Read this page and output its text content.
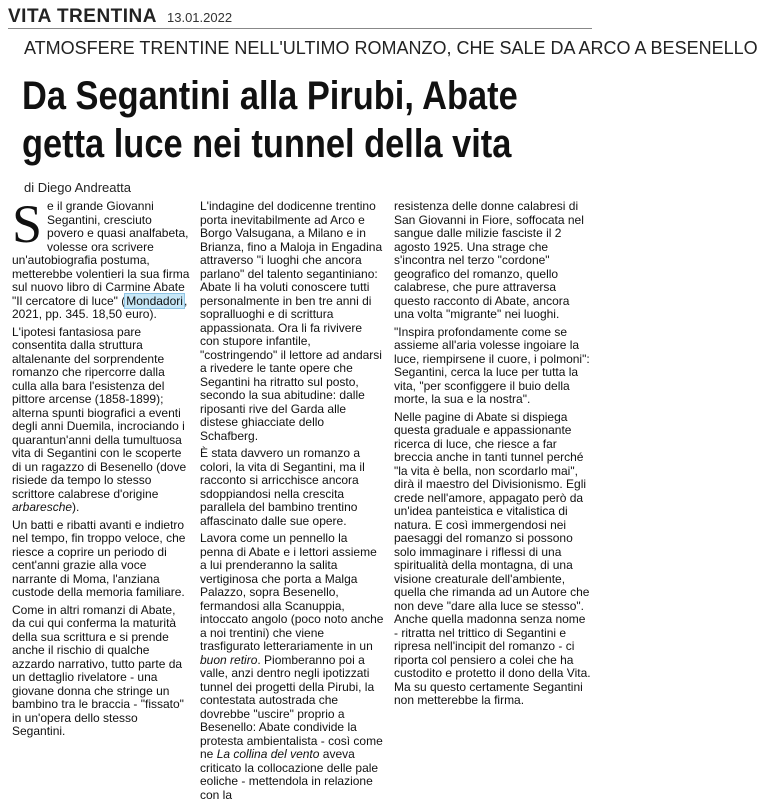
VITA TRENTINA 13.01.2022
ATMOSFERE TRENTINE NELL'ULTIMO ROMANZO, CHE SALE DA ARCO A BESENELLO
Da Segantini alla Pirubi, Abate
getta luce nei tunnel della vita
di Diego Andreatta

Se il grande Giovanni Segantini, cresciuto povero e quasi analfabeta, volesse ora scrivere un'autobiografia postuma, metterebbe volentieri la sua firma sul nuovo libro di Carmine Abate "Il cercatore di luce" (Mondadori, 2021, pp. 345. 18,50 euro).

L'ipotesi fantasiosa pare consentita dalla struttura altalenante del sorprendente romanzo che ripercorre dalla culla alla bara l'esistenza del pittore arcense (1858-1899); alterna spunti biografici a eventi degli anni Duemila, incrociando i quarantun'anni della tumultuosa vita di Segantini con le scoperte di un ragazzo di Besenello (dove risiede da tempo lo stesso scrittore calabrese d'origine arbaresche).

Un batti e ribatti avanti e indietro nel tempo, fin troppo veloce, che riesce a coprire un periodo di cent'anni grazie alla voce narrante di Moma, l'anziana custode della memoria familiare.

Come in altri romanzi di Abate, da cui qui conferma la maturità della sua scrittura e si prende anche il rischio di qualche azzardo narrativo, tutto parte da un dettaglio rivelatore - una giovane donna che stringe un bambino tra le braccia - "fissato" in un'opera dello stesso Segantini.

L'indagine del dodicenne trentino porta inevitabilmente ad Arco e Borgo Valsugana, a Milano e in Brianza, fino a Maloja in Engadina attraverso "i luoghi che ancora parlano" del talento segantiniano: Abate li ha voluti conoscere tutti personalmente in ben tre anni di sopralluoghi e di scrittura appassionata. Ora li fa rivivere con stupore infantile, "costringendo" il lettore ad andarsi a rivedere le tante opere che Segantini ha ritratto sul posto, secondo la sua abitudine: dalle riposanti rive del Garda alle distese ghiacciate dello Schafberg.

È stata davvero un romanzo a colori, la vita di Segantini, ma il racconto si arricchisce ancora sdoppiandosi nella crescita parallela del bambino trentino affascinato dalle sue opere.

Lavora come un pennello la penna di Abate e i lettori assieme a lui prenderanno la salita vertiginosa che porta a Malga Palazzo, sopra Besenello, fermandosi alla Scanuppia, intoccato angolo (poco noto anche a noi trentini) che viene trasfigurato letterariamente in un buon retiro. Piomberanno poi a valle, anzi dentro negli ipotizzati tunnel dei progetti della Pirubi, la contestata autostrada che dovrebbe "uscire" proprio a Besenello: Abate condivide la protesta ambientalista - così come ne La collina del vento aveva criticato la collocazione delle pale eoliche - mettendola in relazione con la

resistenza delle donne calabresi di San Giovanni in Fiore, soffocata nel sangue dalle milizie fasciste il 2 agosto 1925. Una strage che s'incontra nel terzo "cordone" geografico del romanzo, quello calabrese, che pure attraversa questo racconto di Abate, ancora una volta "migrante" nei luoghi.

"Inspira profondamente come se assieme all'aria volesse ingoiare la luce, riempirsene il cuore, i polmoni": Segantini, cerca la luce per tutta la vita, "per sconfiggere il buio della morte, la sua e la nostra".

Nelle pagine di Abate si dispiega questa graduale e appassionante ricerca di luce, che riesce a far breccia anche in tanti tunnel perché "la vita è bella, non scordarlo mai", dirà il maestro del Divisionismo. Egli crede nell'amore, appagato però da un'idea panteistica e vitalistica di natura. E così immergendosi nei paesaggi del romanzo si possono solo immaginare i riflessi di una spiritualità della montagna, di una visione creaturale dell'ambiente, quella che rimanda ad un Autore che non deve "dare alla luce se stesso". Anche quella madonna senza nome - ritratta nel trittico di Segantini e ripresa nell'incipit del romanzo - ci riporta col pensiero a colei che ha custodito e protetto il dono della Vita. Ma su questo certamente Segantini non metterebbe la firma.
